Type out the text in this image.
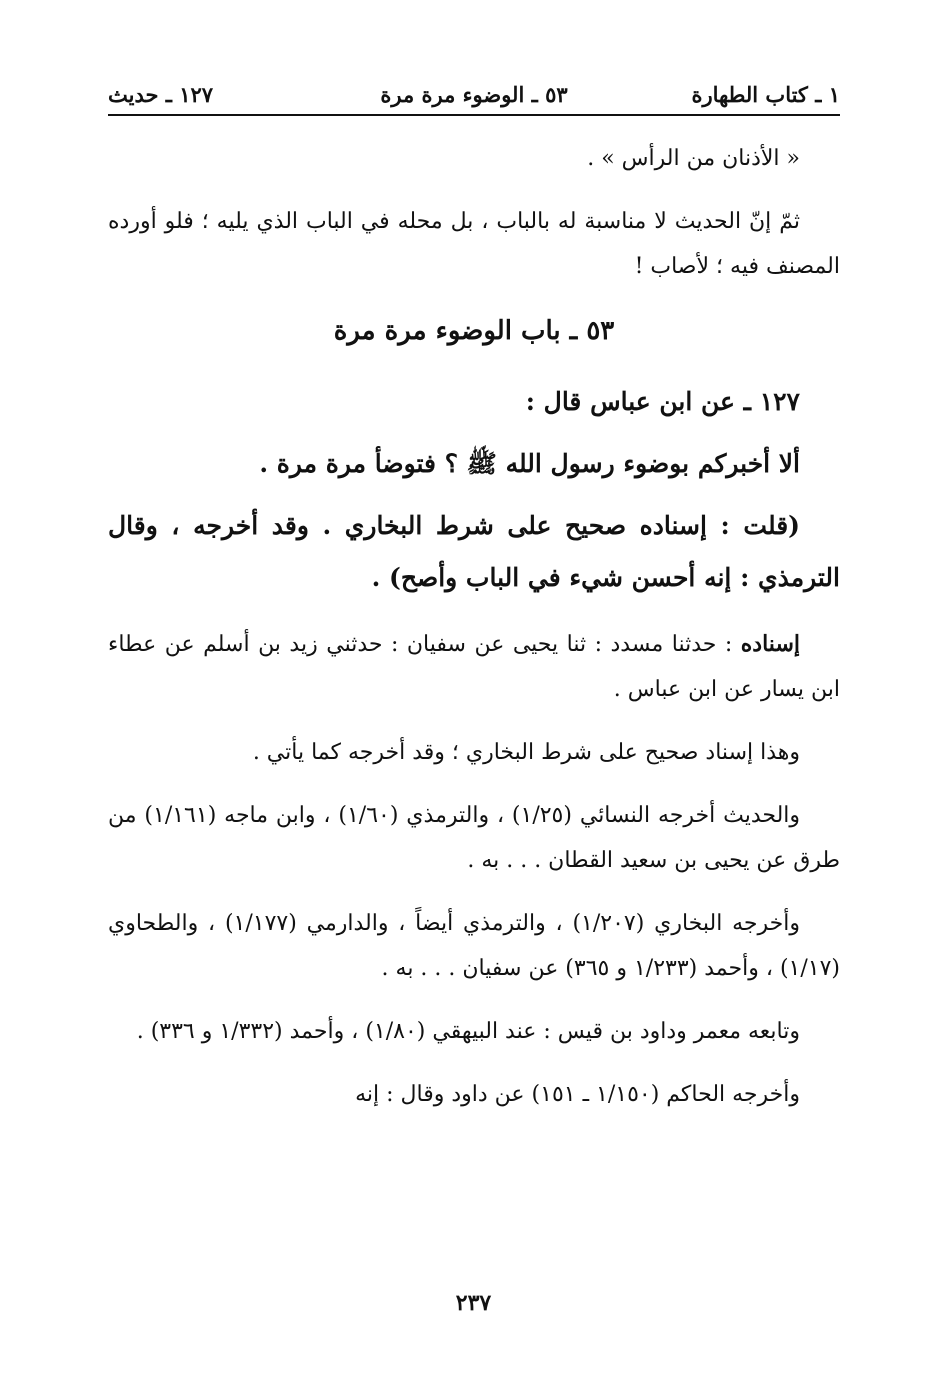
١ ـ كتاب الطهارة
٥٣ ـ الوضوء مرة مرة
١٢٧ ـ حديث

« الأذنان من الرأس » .

ثمّ إنّ الحديث لا مناسبة له بالباب ، بل محله في الباب الذي يليه ؛ فلو أورده المصنف فيه ؛ لأصاب !

٥٣ ـ باب الوضوء مرة مرة

١٢٧ ـ عن ابن عباس قال :

ألا أخبركم بوضوء رسول الله ﷺ ؟ فتوضأ مرة مرة .

(قلت : إسناده صحيح على شرط البخاري . وقد أخرجه ، وقال الترمذي : إنه أحسن شيء في الباب وأصح) .

إسناده : حدثنا مسدد : ثنا يحيى عن سفيان : حدثني زيد بن أسلم عن عطاء ابن يسار عن ابن عباس .

وهذا إسناد صحيح على شرط البخاري ؛ وقد أخرجه كما يأتي .

والحديث أخرجه النسائي (١/٢٥) ، والترمذي (١/٦٠) ، وابن ماجه (١/١٦١) من طرق عن يحيى بن سعيد القطان . . . به .

وأخرجه البخاري (١/٢٠٧) ، والترمذي أيضاً ، والدارمي (١/١٧٧) ، والطحاوي (١/١٧) ، وأحمد (١/٢٣٣ و ٣٦٥) عن سفيان . . . به .

وتابعه معمر وداود بن قيس : عند البيهقي (١/٨٠) ، وأحمد (١/٣٣٢ و ٣٣٦) .

وأخرجه الحاكم (١/١٥٠ ـ ١٥١) عن داود وقال : إنه

٢٣٧
